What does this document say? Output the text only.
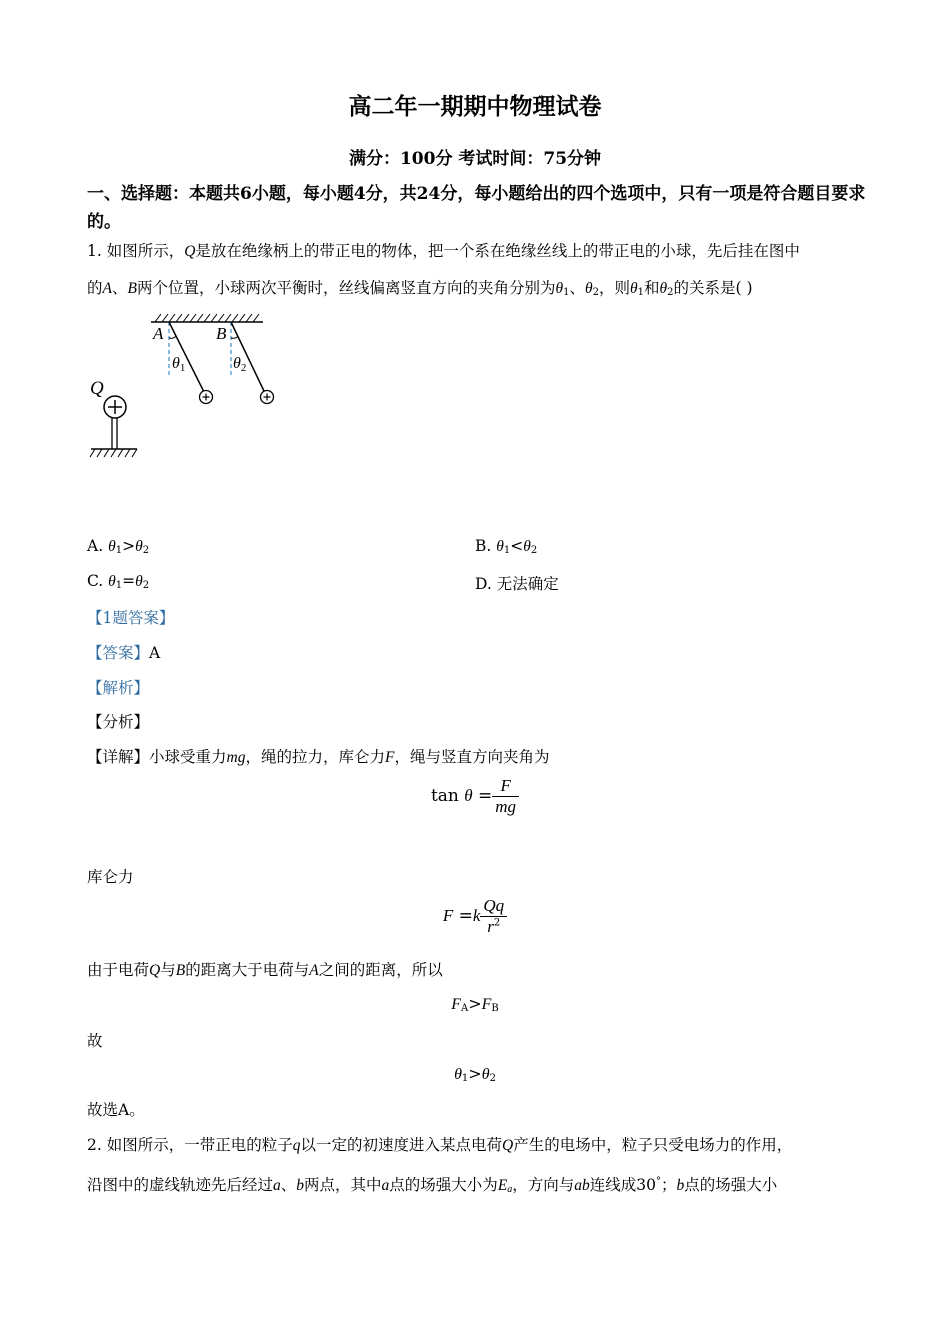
高二年一期期中物理试卷
满分：100分 考试时间：75分钟
一、选择题：本题共6小题，每小题4分，共24分，每小题给出的四个选项中，只有一项是符合题目要求的。
1. 如图所示，Q是放在绝缘柄上的带正电的物体，把一个系在绝缘丝线上的带正电的小球，先后挂在图中
的A、B两个位置，小球两次平衡时，丝线偏离竖直方向的夹角分别为$\theta_1$、$\theta_2$，则$\theta_1$和$\theta_2$的关系是( )
A
θ1
B
θ2
Q
A. $\theta_1>\theta_2$	B. $\theta_1<\theta_2$
C. $\theta_1=\theta_2$	D. 无法确定
【1题答案】
【答案】A
【解析】
【分析】
【详解】小球受重力mg，绳的拉力，库仑力F，绳与竖直方向夹角为
$\tan \theta = \frac{F}{mg}$
库仑力
$F =k \frac{Qq}{r^2}$
由于电荷Q与B的距离大于电荷与A之间的距离，所以
$F_A>F_B$
故
$\theta_1>\theta_2$
故选A。
2. 如图所示，一带正电的粒子q以一定的初速度进入某点电荷Q产生的电场中，粒子只受电场力的作用，
沿图中的虚线轨迹先后经过a、b两点，其中a点的场强大小为$E_a$，方向与ab连线成30°；b点的场强大小
